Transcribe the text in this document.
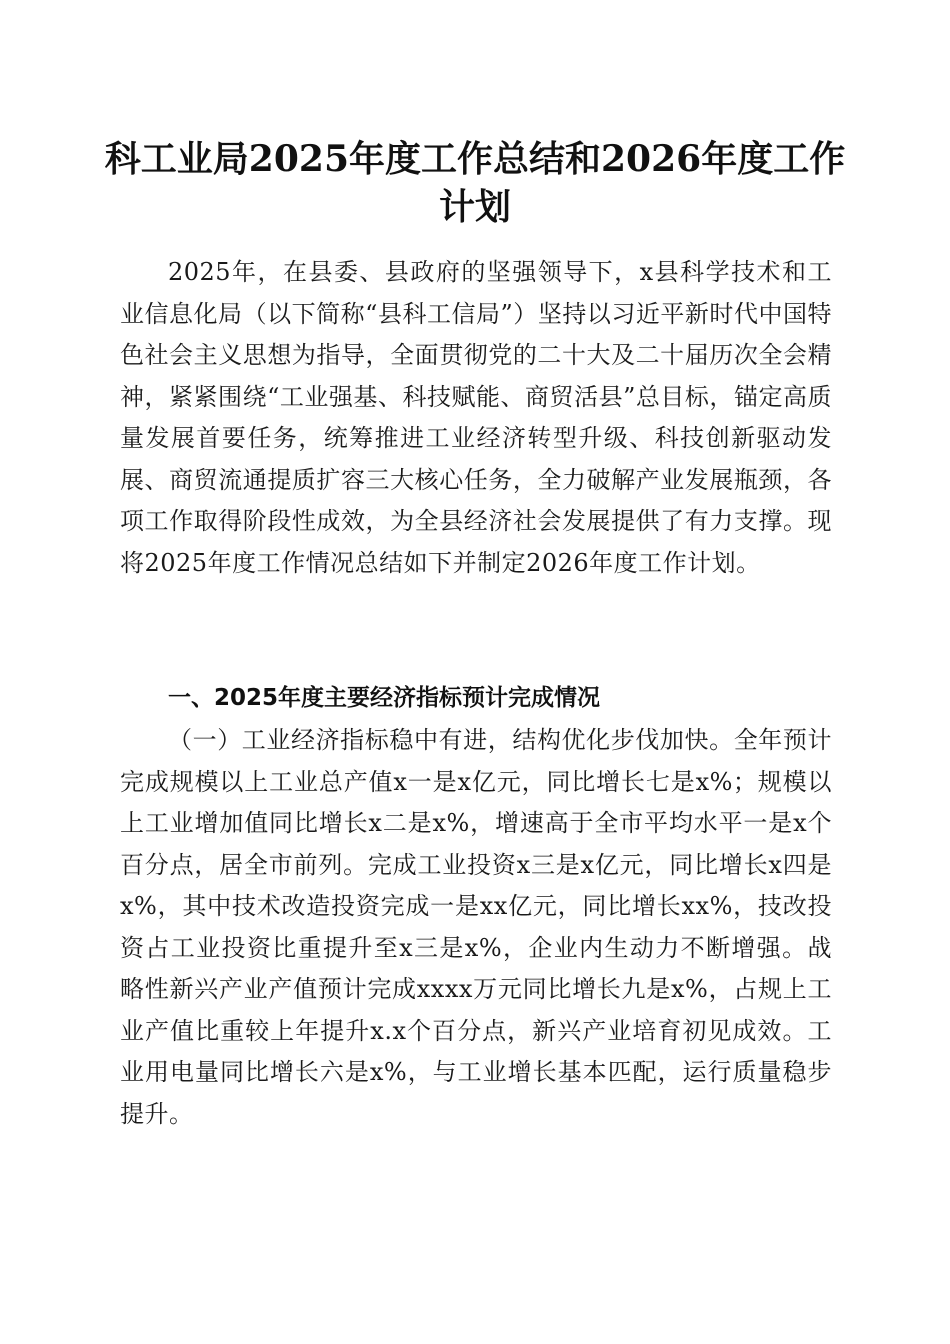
科工业局2025年度工作总结和2026年度工作计划

2025年，在县委、县政府的坚强领导下，x县科学技术和工业信息化局（以下简称“县科工信局”）坚持以习近平新时代中国特色社会主义思想为指导，全面贯彻党的二十大及二十届历次全会精神，紧紧围绕“工业强基、科技赋能、商贸活县”总目标，锚定高质量发展首要任务，统筹推进工业经济转型升级、科技创新驱动发展、商贸流通提质扩容三大核心任务，全力破解产业发展瓶颈，各项工作取得阶段性成效，为全县经济社会发展提供了有力支撑。现将2025年度工作情况总结如下并制定2026年度工作计划。

一、2025年度主要经济指标预计完成情况

（一）工业经济指标稳中有进，结构优化步伐加快。全年预计完成规模以上工业总产值x一是x亿元，同比增长七是x%；规模以上工业增加值同比增长x二是x%，增速高于全市平均水平一是x个百分点，居全市前列。完成工业投资x三是x亿元，同比增长x四是x%，其中技术改造投资完成一是xx亿元，同比增长xx%，技改投资占工业投资比重提升至x三是x%，企业内生动力不断增强。战略性新兴产业产值预计完成xxxx万元同比增长九是x%，占规上工业产值比重较上年提升x.x个百分点，新兴产业培育初见成效。工业用电量同比增长六是x%，与工业增长基本匹配，运行质量稳步提升。
